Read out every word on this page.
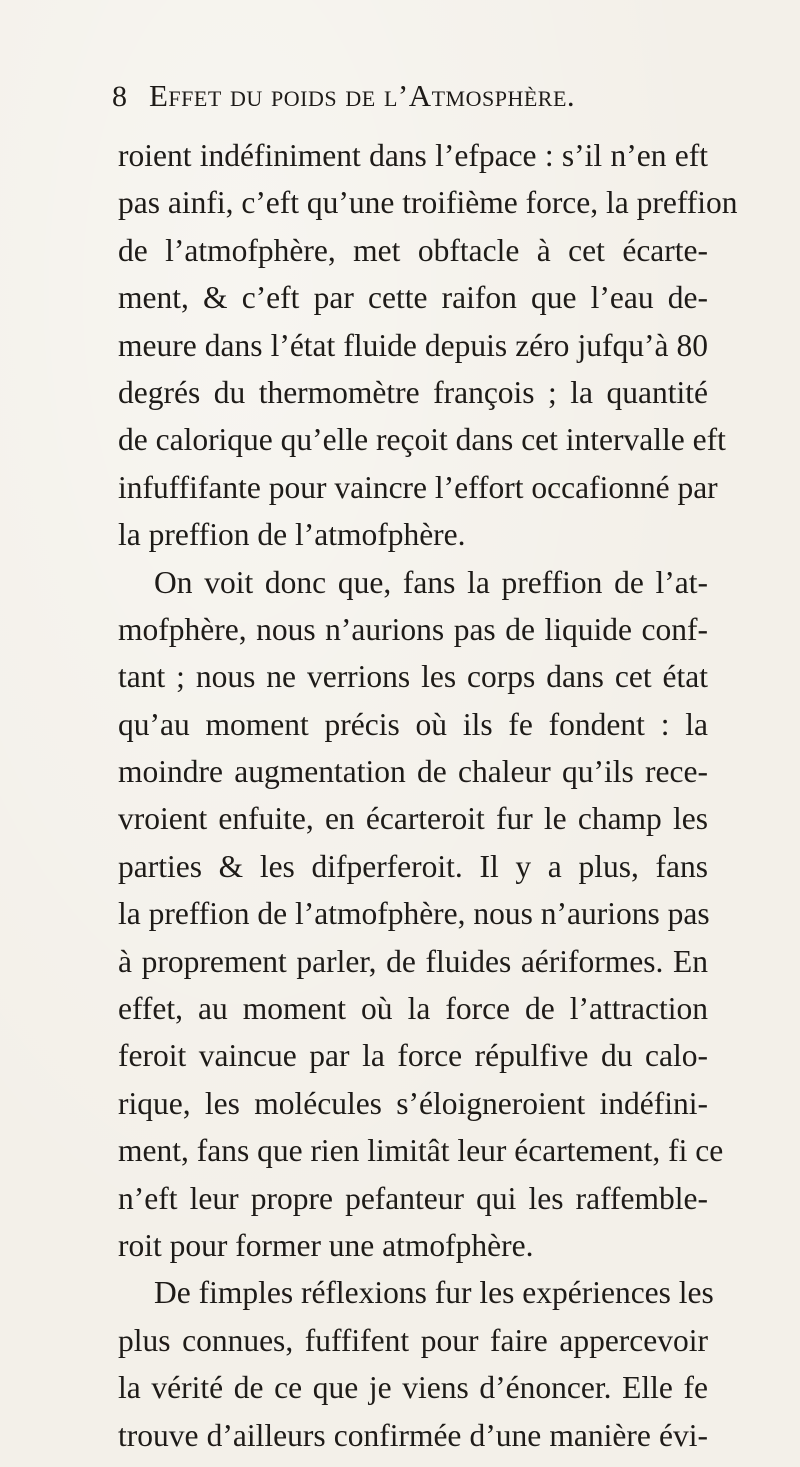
8 Effet du poids de l’Atmosphère.
roient indéfiniment dans l’efpace : s’il n’en eft
pas ainfi, c’eft qu’une troifième force, la preffion
de l’atmofphère, met obftacle à cet écarte-
ment, & c’eft par cette raifon que l’eau de-
meure dans l’état fluide depuis zéro jufqu’à 80
degrés du thermomètre françois ; la quantité
de calorique qu’elle reçoit dans cet intervalle eft
infuffifante pour vaincre l’effort occafionné par
la preffion de l’atmofphère.
On voit donc que, fans la preffion de l’at-
mofphère, nous n’aurions pas de liquide conf-
tant ; nous ne verrions les corps dans cet état
qu’au moment précis où ils fe fondent : la
moindre augmentation de chaleur qu’ils rece-
vroient enfuite, en écarteroit fur le champ les
parties & les difperferoit. Il y a plus, fans
la preffion de l’atmofphère, nous n’aurions pas
à proprement parler, de fluides aériformes. En
effet, au moment où la force de l’attraction
feroit vaincue par la force répulfive du calo-
rique, les molécules s’éloigneroient indéfini-
ment, fans que rien limitât leur écartement, fi ce
n’eft leur propre pefanteur qui les raffemble-
roit pour former une atmofphère.
De fimples réflexions fur les expériences les
plus connues, fuffifent pour faire appercevoir
la vérité de ce que je viens d’énoncer. Elle fe
trouve d’ailleurs confirmée d’une manière évi-
